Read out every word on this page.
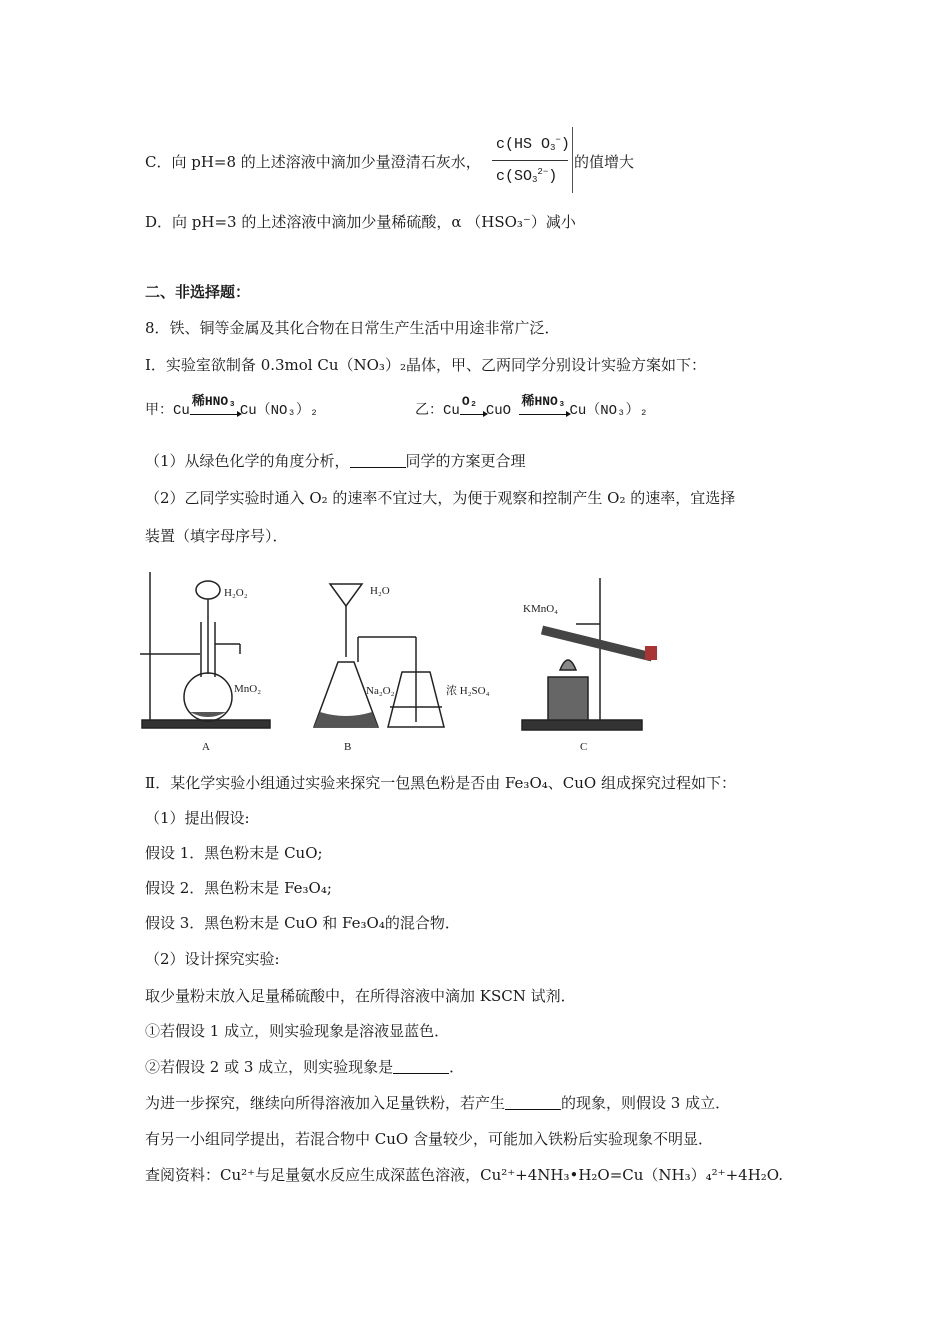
C．向 pH=8 的上述溶液中滴加少量澄清石灰水，
c(HS $O_3^-$)
$c(SO_3^{2-})$
的值增大
D．向 pH=3 的上述溶液中滴加少量稀硫酸，α （HSO₃⁻）减小
二、非选择题：
8．铁、铜等金属及其化合物在日常生产生活中用途非常广泛．
Ⅰ．实验室欲制备 0.3mol Cu（NO₃）₂晶体，甲、乙两同学分别设计实验方案如下：
甲：Cu
稀HNO₃
Cu（NO₃）₂	乙：Cu
O₂
CuO
稀HNO₃
Cu（NO₃）₂
（1）从绿色化学的角度分析，	同学的方案更合理
（2）乙同学实验时通入 O₂ 的速率不宜过大，为便于观察和控制产生 O₂ 的速率，宜选择
装置（填字母序号）．
H₂O₂
MnO₂
A
H₂O
Na₂O₂	浓 H₂SO₄
B
KMnO₄
C
Ⅱ．某化学实验小组通过实验来探究一包黑色粉是否由 Fe₃O₄、CuO 组成探究过程如下：
（1）提出假设:
假设 1．黑色粉末是 CuO;
假设 2．黑色粉末是 Fe₃O₄;
假设 3．黑色粉末是 CuO 和 Fe₃O₄的混合物．
（2）设计探究实验:
取少量粉末放入足量稀硫酸中，在所得溶液中滴加 KSCN 试剂．
①若假设 1 成立，则实验现象是溶液显蓝色．
②若假设 2 或 3 成立，则实验现象是	．
为进一步探究，继续向所得溶液加入足量铁粉，若产生	的现象，则假设 3 成立．
有另一小组同学提出，若混合物中 CuO 含量较少，可能加入铁粉后实验现象不明显．
查阅资料：Cu²⁺与足量氨水反应生成深蓝色溶液，Cu²⁺+4NH₃•H₂O=Cu（NH₃）₄²⁺+4H₂O.
